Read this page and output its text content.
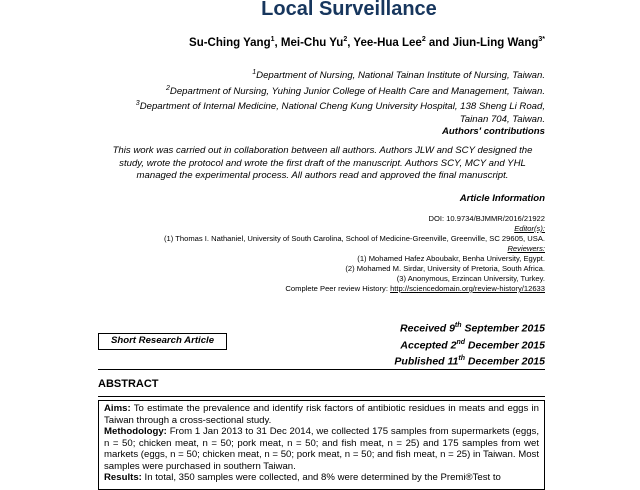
Local Surveillance
Su-Ching Yang$^1$, Mei-Chu Yu$^2$, Yee-Hua Lee$^2$ and Jiun-Ling Wang$^{3*}$
$^1$Department of Nursing, National Tainan Institute of Nursing, Taiwan.
$^2$Department of Nursing, Yuhing Junior College of Health Care and Management, Taiwan.
$^3$Department of Internal Medicine, National Cheng Kung University Hospital, 138 Sheng Li Road,
Tainan 704, Taiwan.
Authors' contributions
This work was carried out in collaboration between all authors. Authors JLW and SCY designed the study, wrote the protocol and wrote the first draft of the manuscript. Authors SCY, MCY and YHL managed the experimental process. All authors read and approved the final manuscript.
Article Information
DOI: 10.9734/BJMMR/2016/21922
Editor(s):
(1) Thomas I. Nathaniel, University of South Carolina, School of Medicine-Greenville, Greenville, SC 29605, USA.
Reviewers:
(1) Mohamed Hafez Aboubakr, Benha University, Egypt.
(2) Mohamed M. Sirdar, University of Pretoria, South Africa.
(3) Anonymous, Erzincan University, Turkey.
Complete Peer review History: http://sciencedomain.org/review-history/12633
Short Research Article
Received 9th September 2015
Accepted 2nd December 2015
Published 11th December 2015
ABSTRACT

Aims: To estimate the prevalence and identify risk factors of antibiotic residues in meats and eggs in Taiwan through a cross-sectional study.

Methodology: From 1 Jan 2013 to 31 Dec 2014, we collected 175 samples from supermarkets (eggs, n = 50; chicken meat, n = 50; pork meat, n = 50; and fish meat, n = 25) and 175 samples from wet markets (eggs, n = 50; chicken meat, n = 50; pork meat, n = 50; and fish meat, n = 25) in Taiwan. Most samples were purchased in southern Taiwan.

Results: In total, 350 samples were collected, and 8% were determined by the Premi®Test to
